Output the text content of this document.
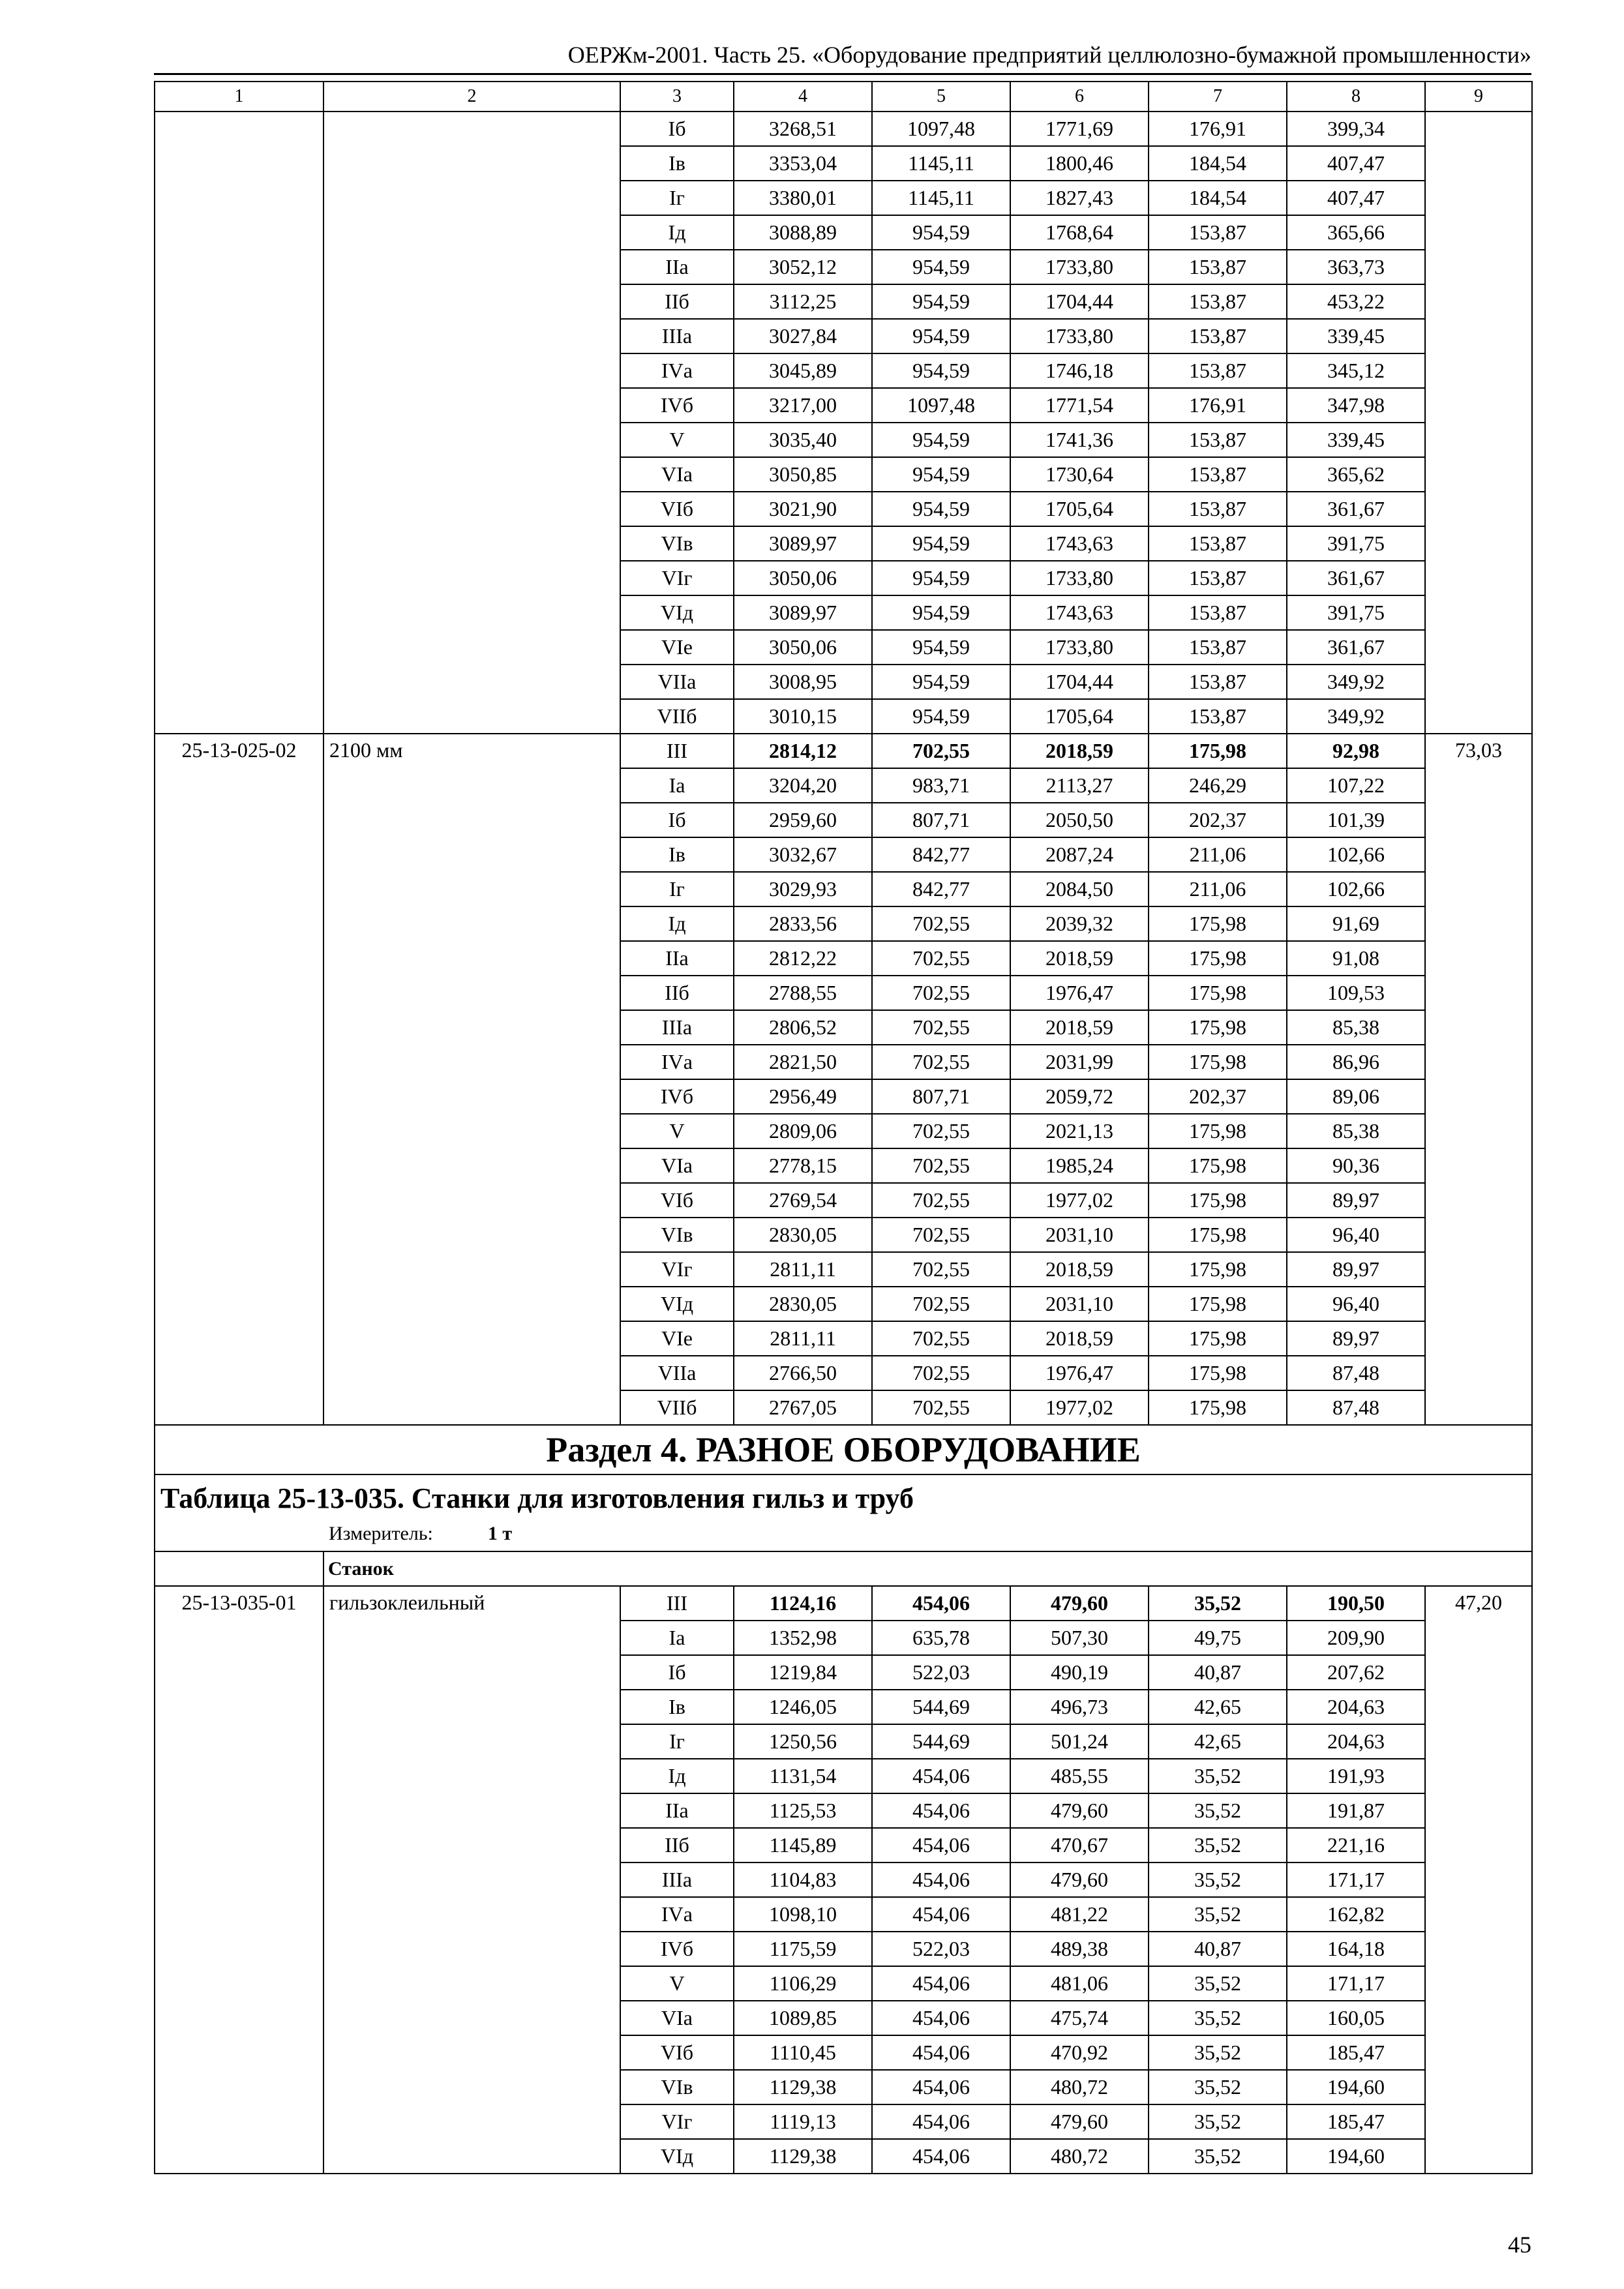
ОЕРЖм-2001. Часть 25. «Оборудование предприятий целлюлозно-бумажной промышленности»
1	2	3	4	5	6	7	8	9
		Iб	3268,51	1097,48	1771,69	176,91	399,34	
		Iв	3353,04	1145,11	1800,46	184,54	407,47	
		Iг	3380,01	1145,11	1827,43	184,54	407,47	
		Iд	3088,89	954,59	1768,64	153,87	365,66	
		IIа	3052,12	954,59	1733,80	153,87	363,73	
		IIб	3112,25	954,59	1704,44	153,87	453,22	
		IIIа	3027,84	954,59	1733,80	153,87	339,45	
		IVа	3045,89	954,59	1746,18	153,87	345,12	
		IVб	3217,00	1097,48	1771,54	176,91	347,98	
		V	3035,40	954,59	1741,36	153,87	339,45	
		VIа	3050,85	954,59	1730,64	153,87	365,62	
		VIб	3021,90	954,59	1705,64	153,87	361,67	
		VIв	3089,97	954,59	1743,63	153,87	391,75	
		VIг	3050,06	954,59	1733,80	153,87	361,67	
		VIд	3089,97	954,59	1743,63	153,87	391,75	
		VIе	3050,06	954,59	1733,80	153,87	361,67	
		VIIа	3008,95	954,59	1704,44	153,87	349,92	
		VIIб	3010,15	954,59	1705,64	153,87	349,92	
25-13-025-02	2100 мм	III	2814,12	702,55	2018,59	175,98	92,98	73,03
		Iа	3204,20	983,71	2113,27	246,29	107,22	
		Iб	2959,60	807,71	2050,50	202,37	101,39	
		Iв	3032,67	842,77	2087,24	211,06	102,66	
		Iг	3029,93	842,77	2084,50	211,06	102,66	
		Iд	2833,56	702,55	2039,32	175,98	91,69	
		IIа	2812,22	702,55	2018,59	175,98	91,08	
		IIб	2788,55	702,55	1976,47	175,98	109,53	
		IIIа	2806,52	702,55	2018,59	175,98	85,38	
		IVа	2821,50	702,55	2031,99	175,98	86,96	
		IVб	2956,49	807,71	2059,72	202,37	89,06	
		V	2809,06	702,55	2021,13	175,98	85,38	
		VIа	2778,15	702,55	1985,24	175,98	90,36	
		VIб	2769,54	702,55	1977,02	175,98	89,97	
		VIв	2830,05	702,55	2031,10	175,98	96,40	
		VIг	2811,11	702,55	2018,59	175,98	89,97	
		VIд	2830,05	702,55	2031,10	175,98	96,40	
		VIе	2811,11	702,55	2018,59	175,98	89,97	
		VIIа	2766,50	702,55	1976,47	175,98	87,48	
		VIIб	2767,05	702,55	1977,02	175,98	87,48	
Раздел 4. РАЗНОЕ ОБОРУДОВАНИЕ								

Таблица 25-13-035. Станки для изготовления гильз и труб
Измеритель: 1 т								

	Станок							
25-13-035-01	гильзоклеильный	III	1124,16	454,06	479,60	35,52	190,50	47,20
		Iа	1352,98	635,78	507,30	49,75	209,90	
		Iб	1219,84	522,03	490,19	40,87	207,62	
		Iв	1246,05	544,69	496,73	42,65	204,63	
		Iг	1250,56	544,69	501,24	42,65	204,63	
		Iд	1131,54	454,06	485,55	35,52	191,93	
		IIа	1125,53	454,06	479,60	35,52	191,87	
		IIб	1145,89	454,06	470,67	35,52	221,16	
		IIIа	1104,83	454,06	479,60	35,52	171,17	
		IVа	1098,10	454,06	481,22	35,52	162,82	
		IVб	1175,59	522,03	489,38	40,87	164,18	
		V	1106,29	454,06	481,06	35,52	171,17	
		VIа	1089,85	454,06	475,74	35,52	160,05	
		VIб	1110,45	454,06	470,92	35,52	185,47	
		VIв	1129,38	454,06	480,72	35,52	194,60	
		VIг	1119,13	454,06	479,60	35,52	185,47	
		VIд	1129,38	454,06	480,72	35,52	194,60	
45
